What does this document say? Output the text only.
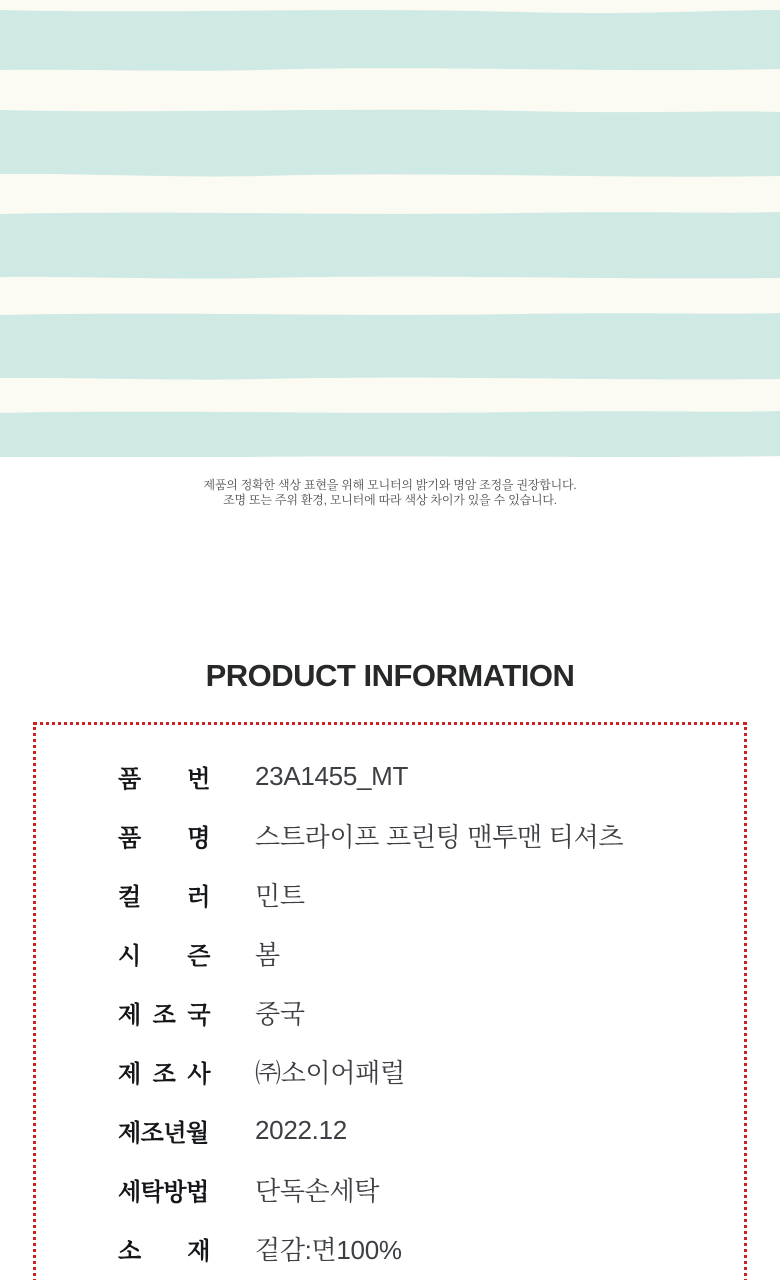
제품의 정확한 색상 표현을 위해 모니터의 밝기와 명암 조정을 권장합니다.
조명 또는 주위 환경, 모니터에 따라 색상 차이가 있을 수 있습니다.
PRODUCT INFORMATION
품 번 23A1455_MT
품 명 스트라이프 프린팅 맨투맨 티셔츠
컬 러 민트
시 즌 봄
제 조 국 중국
제 조 사 ㈜소이어패럴
제조년월 2022.12
세탁방법 단독손세탁
소 재 겉감:면100%
